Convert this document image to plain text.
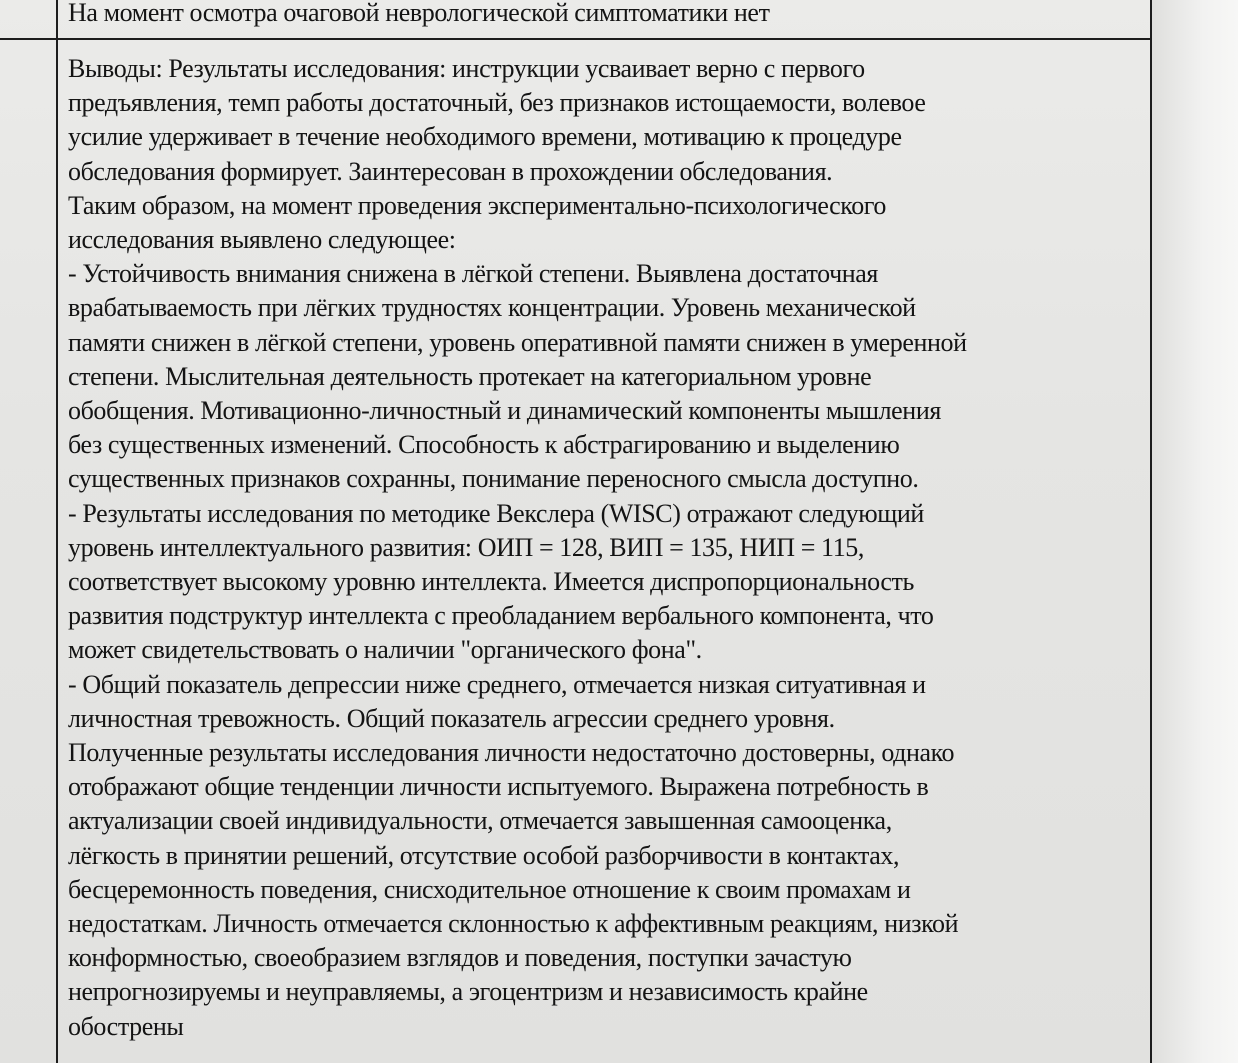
На момент осмотра очаговой неврологической симптоматики нет

Выводы: Результаты исследования: инструкции усваивает верно с первого
предъявления, темп работы достаточный, без признаков истощаемости, волевое
усилие удерживает в течение необходимого времени, мотивацию к процедуре
обследования формирует. Заинтересован в прохождении обследования.
Таким образом, на момент проведения экспериментально-психологического
исследования выявлено следующее:
- Устойчивость внимания снижена в лёгкой степени. Выявлена достаточная
врабатываемость при лёгких трудностях концентрации. Уровень механической
памяти снижен в лёгкой степени, уровень оперативной памяти снижен в умеренной
степени. Мыслительная деятельность протекает на категориальном уровне
обобщения. Мотивационно-личностный и динамический компоненты мышления
без существенных изменений. Способность к абстрагированию и выделению
существенных признаков сохранны, понимание переносного смысла доступно.
- Результаты исследования по методике Векслера (WISC) отражают следующий
уровень интеллектуального развития: ОИП = 128, ВИП = 135, НИП = 115,
соответствует высокому уровню интеллекта. Имеется диспропорциональность
развития подструктур интеллекта с преобладанием вербального компонента, что
может свидетельствовать о наличии "органического фона".
- Общий показатель депрессии ниже среднего, отмечается низкая ситуативная и
личностная тревожность. Общий показатель агрессии среднего уровня.
Полученные результаты исследования личности недостаточно достоверны, однако
отображают общие тенденции личности испытуемого. Выражена потребность в
актуализации своей индивидуальности, отмечается завышенная самооценка,
лёгкость в принятии решений, отсутствие особой разборчивости в контактах,
бесцеремонность поведения, снисходительное отношение к своим промахам и
недостаткам. Личность отмечается склонностью к аффективным реакциям, низкой
конформностью, своеобразием взглядов и поведения, поступки зачастую
непрогнозируемы и неуправляемы, а эгоцентризм и независимость крайне
обострены
